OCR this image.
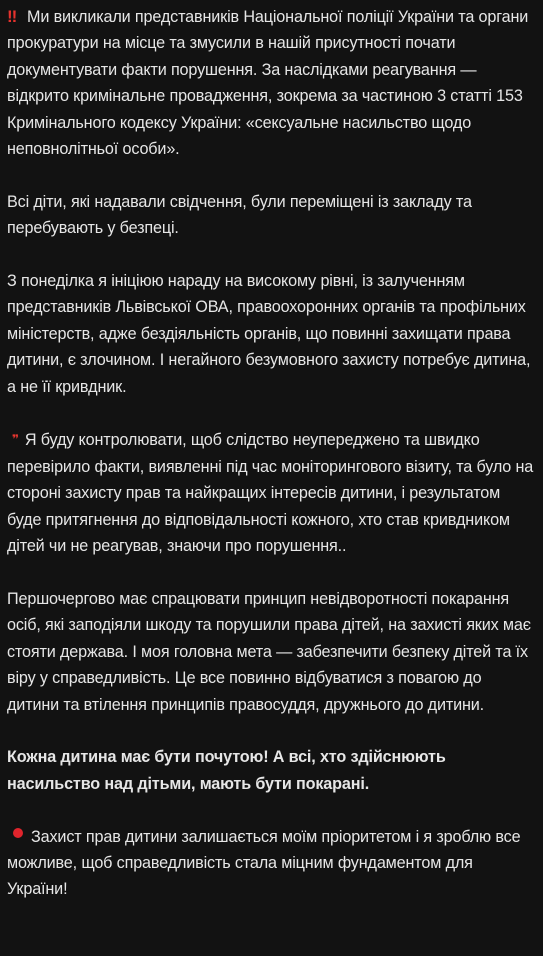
‼ Ми викликали представників Національної поліції України та органи прокуратури на місце та змусили в нашій присутності почати документувати факти порушення. За наслідками реагування — відкрито кримінальне провадження, зокрема за частиною 3 статті 153 Кримінального кодексу України: «сексуальне насильство щодо неповнолітньої особи».

Всі діти, які надавали свідчення, були переміщені із закладу та перебувають у безпеці.

З понеділка я ініціюю нараду на високому рівні, із залученням представників Львівської ОВА, правоохоронних органів та профільних міністерств, адже бездіяльність органів, що повинні захищати права дитини, є злочином. І негайного безумовного захисту потребує дитина, а не її кривдник.

❞ Я буду контролювати, щоб слідство неупереджено та швидко перевірило факти, виявленні під час моніторингового візиту, та було на стороні захисту прав та найкращих інтересів дитини, і результатом буде притягнення до відповідальності кожного, хто став кривдником дітей чи не реагував, знаючи про порушення..

Першочергово має спрацювати принцип невідворотності покарання осіб, які заподіяли шкоду та порушили права дітей, на захисті яких має стояти держава. І моя головна мета — забезпечити безпеку дітей та їх віру у справедливість. Це все повинно відбуватися з повагою до дитини та втілення принципів правосуддя, дружнього до дитини.

Кожна дитина має бути почутою! А всі, хто здійснюють насильство над дітьми, мають бути покарані.

Захист прав дитини залишається моїм пріоритетом і я зроблю все можливе, щоб справедливість стала міцним фундаментом для України!
